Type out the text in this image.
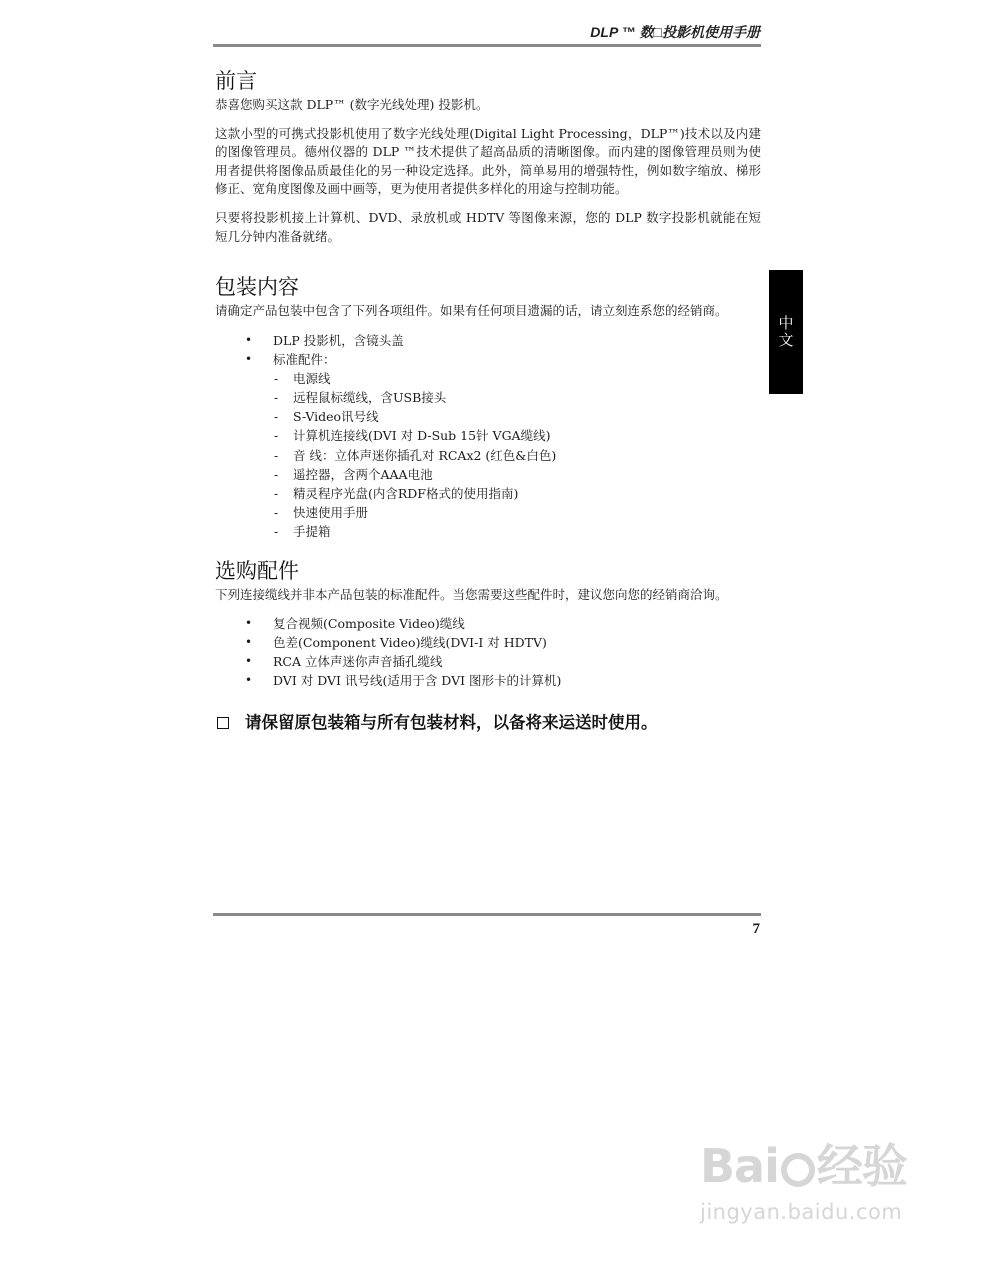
DLP ™ 数□投影机使用手册
中文
前言

恭喜您购买这款 DLP™ (数字光线处理) 投影机。

这款小型的可携式投影机使用了数字光线处理(Digital Light Processing，DLP™)技术以及内建的图像管理员。德州仪器的 DLP ™技术提供了超高品质的清晰图像。而内建的图像管理员则为使用者提供将图像品质最佳化的另一种设定选择。此外，简单易用的增强特性，例如数字缩放、梯形修正、宽角度图像及画中画等，更为使用者提供多样化的用途与控制功能。

只要将投影机接上计算机、DVD、录放机或 HDTV 等图像来源，您的 DLP 数字投影机就能在短短几分钟内准备就绪。

包装内容

请确定产品包装中包含了下列各项组件。如果有任何项目遗漏的话，请立刻连系您的经销商。

• DLP 投影机，含镜头盖
• 标准配件：
- 电源线
- 远程鼠标缆线，含USB接头
- S-Video讯号线
- 计算机连接线(DVI 对 D-Sub 15针 VGA缆线)
- 音 线：立体声迷你插孔对 RCAx2 (红色&白色)
- 遥控器，含两个AAA电池
- 精灵程序光盘(内含RDF格式的使用指南)
- 快速使用手册
- 手提箱
选购配件

下列连接缆线并非本产品包装的标准配件。当您需要这些配件时，建议您向您的经销商洽询。

• 复合视频(Composite Video)缆线
• 色差(Component Video)缆线(DVI-I 对 HDTV)
• RCA 立体声迷你声音插孔缆线
• DVI 对 DVI 讯号线(适用于含 DVI 图形卡的计算机)
请保留原包装箱与所有包装材料，以备将来运送时使用。
7
Bai 经验
jingyan.baidu.com
